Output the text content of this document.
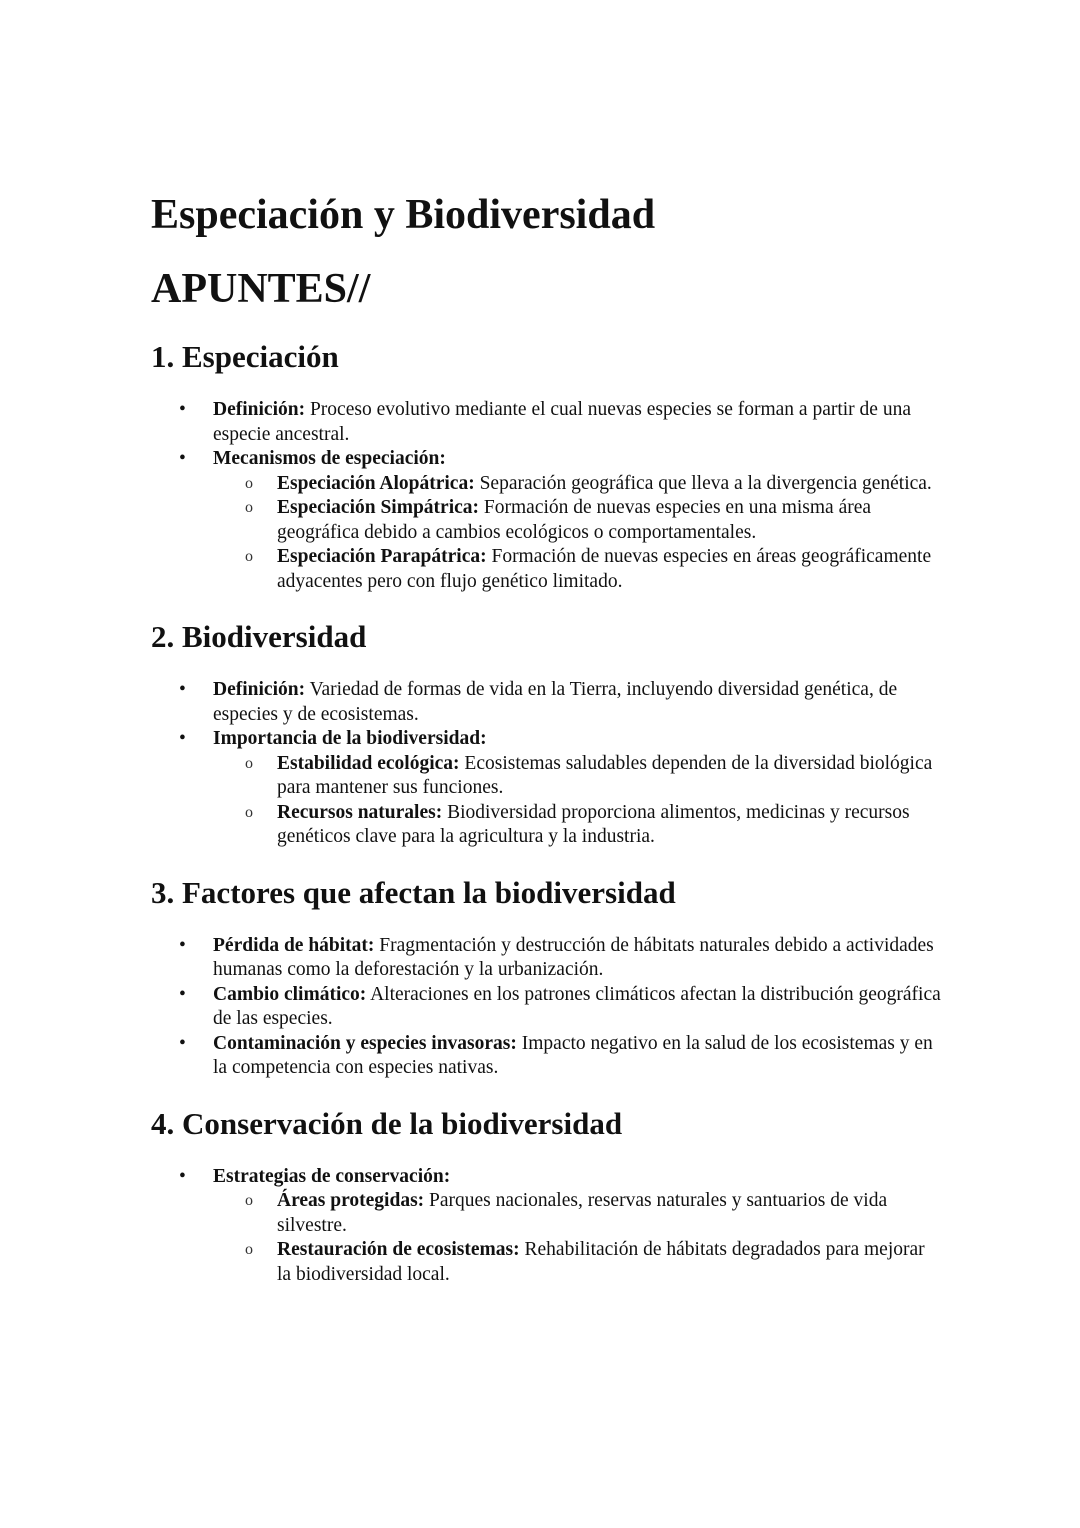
Especiación y Biodiversidad
APUNTES//
1. Especiación
•	Definición: Proceso evolutivo mediante el cual nuevas especies se forman a partir de una especie ancestral.
•	Mecanismos de especiación:
o Especiación Alopátrica: Separación geográfica que lleva a la divergencia genética.
o Especiación Simpátrica: Formación de nuevas especies en una misma área geográfica debido a cambios ecológicos o comportamentales.
o Especiación Parapátrica: Formación de nuevas especies en áreas geográficamente adyacentes pero con flujo genético limitado.
2. Biodiversidad
•	Definición: Variedad de formas de vida en la Tierra, incluyendo diversidad genética, de especies y de ecosistemas.
•	Importancia de la biodiversidad:
o Estabilidad ecológica: Ecosistemas saludables dependen de la diversidad biológica para mantener sus funciones.
o Recursos naturales: Biodiversidad proporciona alimentos, medicinas y recursos genéticos clave para la agricultura y la industria.
3. Factores que afectan la biodiversidad
•	Pérdida de hábitat: Fragmentación y destrucción de hábitats naturales debido a actividades humanas como la deforestación y la urbanización.
•	Cambio climático: Alteraciones en los patrones climáticos afectan la distribución geográfica de las especies.
•	Contaminación y especies invasoras: Impacto negativo en la salud de los ecosistemas y en la competencia con especies nativas.
4. Conservación de la biodiversidad
•	Estrategias de conservación:
o Áreas protegidas: Parques nacionales, reservas naturales y santuarios de vida silvestre.
o Restauración de ecosistemas: Rehabilitación de hábitats degradados para mejorar la biodiversidad local.
